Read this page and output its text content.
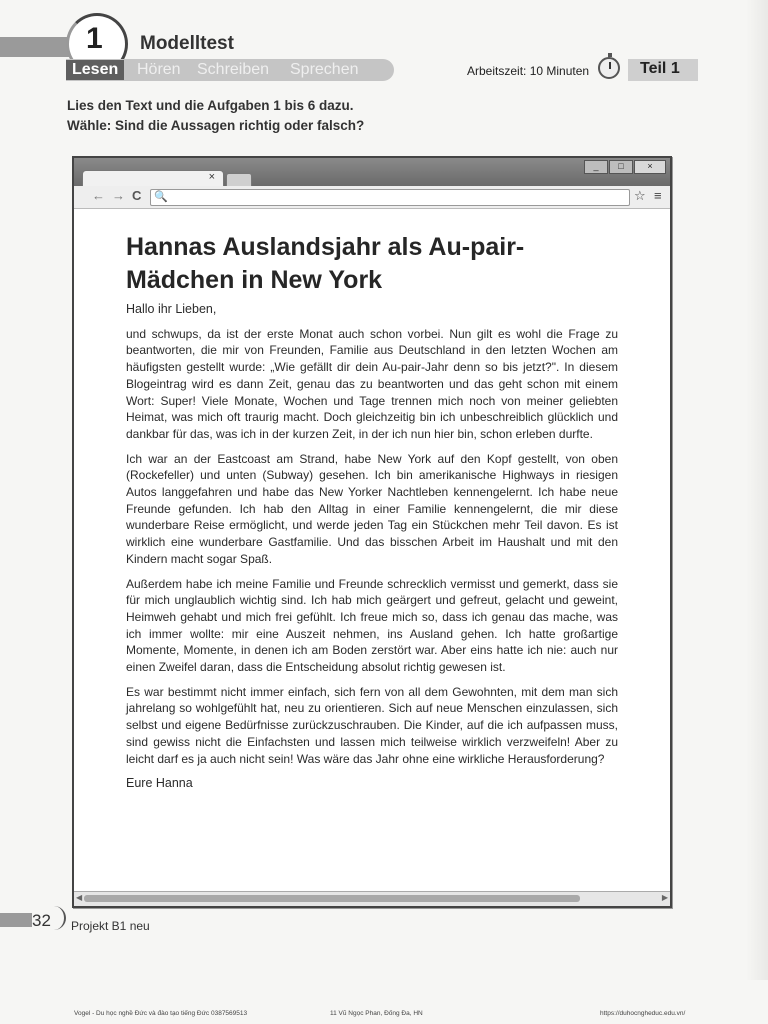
1 Modelltest
Lesen	Hören Schreiben Sprechen	Arbeitszeit: 10 Minuten	Teil 1
Lies den Text und die Aufgaben 1 bis 6 dazu.
Wähle: Sind die Aussagen richtig oder falsch?
_	□	×
×
← → C 🔍	☆ ≡
Hannas Auslandsjahr als Au-pair-Mädchen in New York

Hallo ihr Lieben,

und schwups, da ist der erste Monat auch schon vorbei. Nun gilt es wohl die Frage zu beantworten, die mir von Freunden, Familie aus Deutschland in den letzten Wochen am häufigsten gestellt wurde: „Wie gefällt dir dein Au-pair-Jahr denn so bis jetzt?". In diesem Blogeintrag wird es dann Zeit, genau das zu beantworten und das geht schon mit einem Wort: Super! Viele Monate, Wochen und Tage trennen mich noch von meiner geliebten Heimat, was mich oft traurig macht. Doch gleichzeitig bin ich unbeschreiblich glücklich und dankbar für das, was ich in der kurzen Zeit, in der ich nun hier bin, schon erleben durfte.

Ich war an der Eastcoast am Strand, habe New York auf den Kopf gestellt, von oben (Rockefeller) und unten (Subway) gesehen. Ich bin amerikanische Highways in riesigen Autos langgefahren und habe das New Yorker Nachtleben kennengelernt. Ich habe neue Freunde gefunden. Ich hab den Alltag in einer Familie kennengelernt, die mir diese wunderbare Reise ermöglicht, und werde jeden Tag ein Stückchen mehr Teil davon. Es ist wirklich eine wunderbare Gastfamilie. Und das bisschen Arbeit im Haushalt und mit den Kindern macht sogar Spaß.

Außerdem habe ich meine Familie und Freunde schrecklich vermisst und gemerkt, dass sie für mich unglaublich wichtig sind. Ich hab mich geärgert und gefreut, gelacht und geweint, Heimweh gehabt und mich frei gefühlt. Ich freue mich so, dass ich genau das mache, was ich immer wollte: mir eine Auszeit nehmen, ins Ausland gehen. Ich hatte großartige Momente, Momente, in denen ich am Boden zerstört war. Aber eins hatte ich nie: auch nur einen Zweifel daran, dass die Entscheidung absolut richtig gewesen ist.

Es war bestimmt nicht immer einfach, sich fern von all dem Gewohnten, mit dem man sich jahrelang so wohlgefühlt hat, neu zu orientieren. Sich auf neue Menschen einzulassen, sich selbst und eigene Bedürfnisse zurückzuschrauben. Die Kinder, auf die ich aufpassen muss, sind gewiss nicht die Einfachsten und lassen mich teilweise wirklich verzweifeln! Aber zu leicht darf es ja auch nicht sein! Was wäre das Jahr ohne eine wirkliche Herausforderung?

Eure Hanna

◀	▶
32 Projekt B1 neu
Vogel - Du học nghề Đức và đào tạo tiếng Đức 0387569513	11 Vũ Ngọc Phan, Đống Đa, HN	https://duhocngheduc.edu.vn/
